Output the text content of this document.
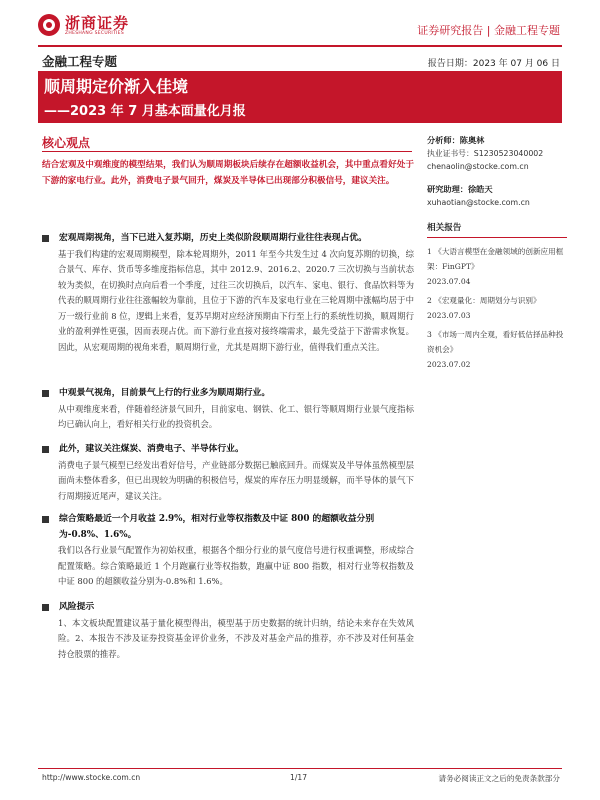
浙商证券
ZHESHANG SECURITIES	证券研究报告 | 金融工程专题
金融工程专题	报告日期：2023 年 07 月 06 日
顺周期定价渐入佳境
——2023 年 7 月基本面量化月报
核心观点
结合宏观及中观维度的模型结果，我们认为顺周期板块后续存在超额收益机会，其中重点看好处于下游的家电行业。此外，消费电子景气回升，煤炭及半导体已出现部分积极信号，建议关注。
宏观周期视角，当下已进入复苏期，历史上类似阶段顺周期行业往往表现占优。
基于我们构建的宏观周期模型，除本轮周期外，2011 年至今共发生过 4 次向复苏期的切换，综合景气、库存、货币等多维度指标信息，其中 2012.9、2016.2、2020.7 三次切换与当前状态较为类似，在切换时点向后看一个季度，过往三次切换后，以汽车、家电、银行、食品饮料等为代表的顺周期行业往往涨幅较为靠前，且位于下游的汽车及家电行业在三轮周期中涨幅均居于中万一级行业前 8 位，逻辑上来看，复苏早期对应经济预期由下行至上行的系统性切换，顺周期行业的盈利弹性更强，因而表现占优。而下游行业直接对接终端需求，最先受益于下游需求恢复。因此，从宏观周期的视角来看，顺周期行业，尤其是周期下游行业，值得我们重点关注。
中观景气视角，目前景气上行的行业多为顺周期行业。
从中观维度来看，伴随着经济景气回升，目前家电、钢铁、化工、银行等顺周期行业景气度指标均已确认向上，看好相关行业的投资机会。
此外，建议关注煤炭、消费电子、半导体行业。
消费电子景气模型已经发出看好信号，产业链部分数据已触底回升。而煤炭及半导体虽然模型层面尚未整体看多，但已出现较为明确的积极信号，煤炭的库存压力明显缓解，而半导体的景气下行周期接近尾声，建议关注。
综合策略最近一个月收益 2.9%，相对行业等权指数及中证 800 的超额收益分别为-0.8%、1.6%。
我们以各行业景气配置作为初始权重，根据各个细分行业的景气度信号进行权重调整，形成综合配置策略。综合策略最近 1 个月跑赢行业等权指数，跑赢中证 800 指数，相对行业等权指数及中证 800 的超额收益分别为-0.8%和 1.6%。
风险提示
1、本文板块配置建议基于量化模型得出，模型基于历史数据的统计归纳，结论未来存在失效风险。2、本报告不涉及证券投资基金评价业务，不涉及对基金产品的推荐，亦不涉及对任何基金持仓股票的推荐。
分析师：陈奥林
执业证书号：S1230523040002
chenaolin@stocke.com.cn
研究助理：徐皓天
xuhaotian@stocke.com.cn
相关报告
1 《大语言模型在金融领域的创新应用框架：FinGPT》
2023.07.04
2 《宏观量化：周期划分与识别》
2023.07.03
3 《市场一周内全观，看好低估择品种投资机会》
2023.07.02
http://www.stocke.com.cn	1/17	请务必阅读正文之后的免责条款部分
